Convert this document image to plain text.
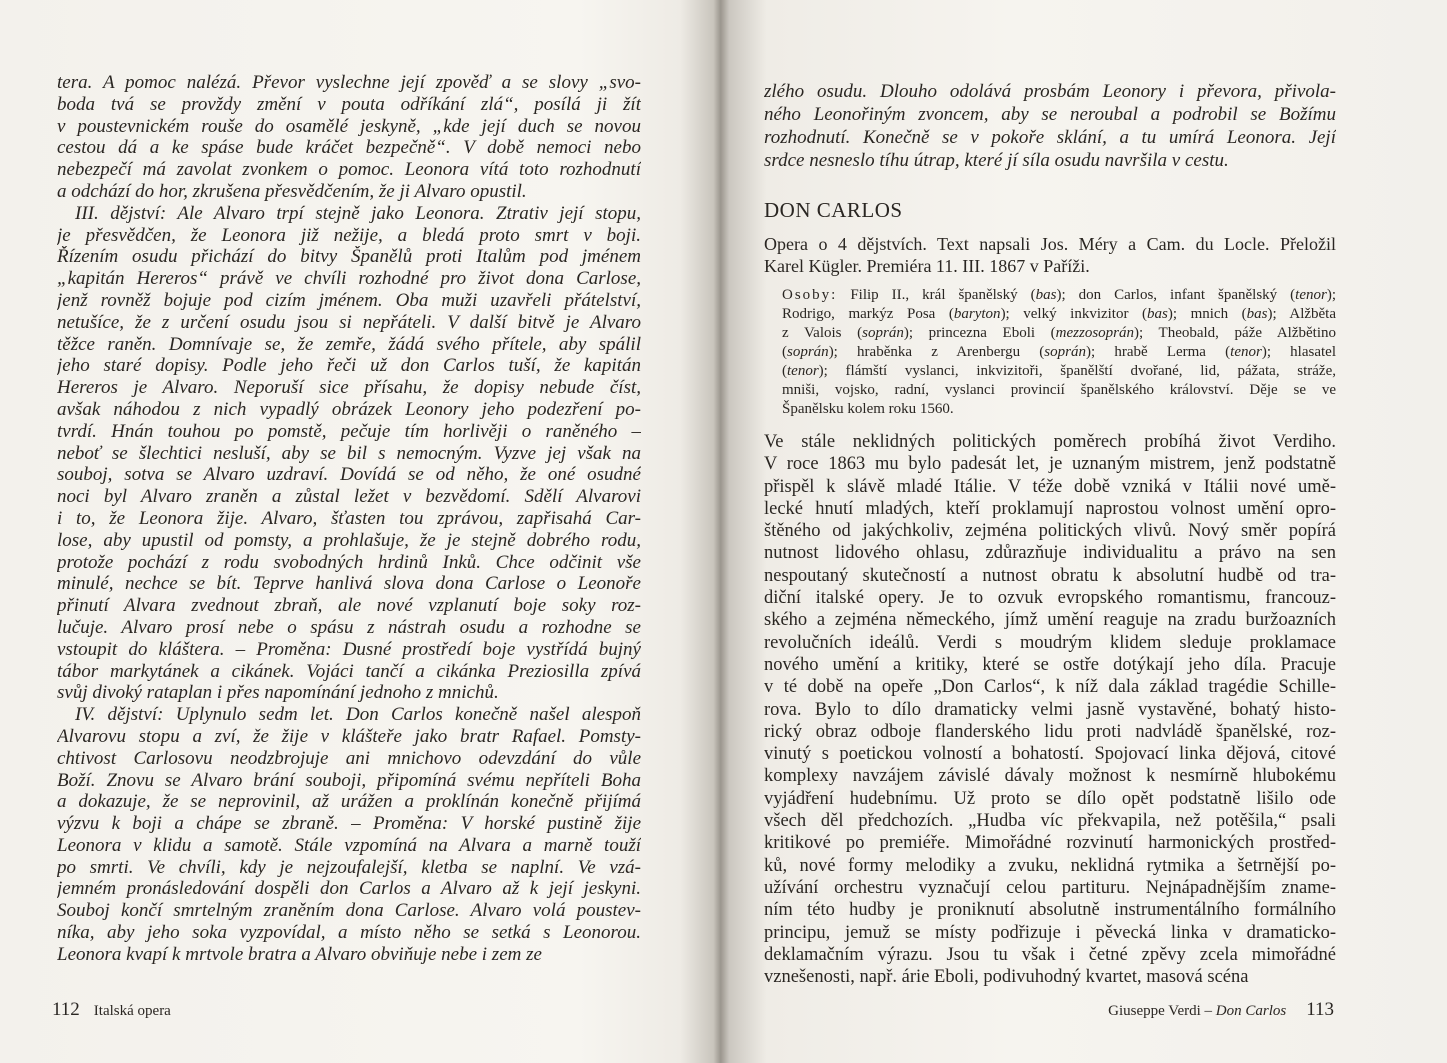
tera. A pomoc nalézá. Převor vyslechne její zpověď a se slovy „svo-
boda tvá se provždy změní v pouta odříkání zlá“, posílá ji žít
v poustevnickém rouše do osamělé jeskyně, „kde její duch se novou
cestou dá a ke spáse bude kráčet bezpečně“. V době nemoci nebo
nebezpečí má zavolat zvonkem o pomoc. Leonora vítá toto rozhodnutí
a odchází do hor, zkrušena přesvědčením, že ji Alvaro opustil.
III. dějství: Ale Alvaro trpí stejně jako Leonora. Ztrativ její stopu,
je přesvědčen, že Leonora již nežije, a bledá proto smrt v boji.
Řízením osudu přichází do bitvy Španělů proti Italům pod jménem
„kapitán Hereros“ právě ve chvíli rozhodné pro život dona Carlose,
jenž rovněž bojuje pod cizím jménem. Oba muži uzavřeli přátelství,
netušíce, že z určení osudu jsou si nepřáteli. V další bitvě je Alvaro
těžce raněn. Domnívaje se, že zemře, žádá svého přítele, aby spálil
jeho staré dopisy. Podle jeho řeči už don Carlos tuší, že kapitán
Hereros je Alvaro. Neporuší sice přísahu, že dopisy nebude číst,
avšak náhodou z nich vypadlý obrázek Leonory jeho podezření po-
tvrdí. Hnán touhou po pomstě, pečuje tím horlivěji o raněného –
neboť se šlechtici nesluší, aby se bil s nemocným. Vyzve jej však na
souboj, sotva se Alvaro uzdraví. Dovídá se od něho, že oné osudné
noci byl Alvaro zraněn a zůstal ležet v bezvědomí. Sdělí Alvarovi
i to, že Leonora žije. Alvaro, šťasten tou zprávou, zapřisahá Car-
lose, aby upustil od pomsty, a prohlašuje, že je stejně dobrého rodu,
protože pochází z rodu svobodných hrdinů Inků. Chce odčinit vše
minulé, nechce se bít. Teprve hanlivá slova dona Carlose o Leonoře
přinutí Alvara zvednout zbraň, ale nové vzplanutí boje soky roz-
lučuje. Alvaro prosí nebe o spásu z nástrah osudu a rozhodne se
vstoupit do kláštera. – Proměna: Dusné prostředí boje vystřídá bujný
tábor markytánek a cikánek. Vojáci tančí a cikánka Preziosilla zpívá
svůj divoký rataplan i přes napomínání jednoho z mnichů.
IV. dějství: Uplynulo sedm let. Don Carlos konečně našel alespoň
Alvarovu stopu a zví, že žije v klášteře jako bratr Rafael. Pomsty-
chtivost Carlosovu neodzbrojuje ani mnichovo odevzdání do vůle
Boží. Znovu se Alvaro brání souboji, připomíná svému nepříteli Boha
a dokazuje, že se neprovinil, až urážen a proklínán konečně přijímá
výzvu k boji a chápe se zbraně. – Proměna: V horské pustině žije
Leonora v klidu a samotě. Stále vzpomíná na Alvara a marně touží
po smrti. Ve chvíli, kdy je nejzoufalejší, kletba se naplní. Ve vzá-
jemném pronásledování dospěli don Carlos a Alvaro až k její jeskyni.
Souboj končí smrtelným zraněním dona Carlose. Alvaro volá poustev-
níka, aby jeho soka vyzpovídal, a místo něho se setká s Leonorou.
Leonora kvapí k mrtvole bratra a Alvaro obviňuje nebe i zem ze
112 Italská opera
zlého osudu. Dlouho odolává prosbám Leonory i převora, přivola-
ného Leonořiným zvoncem, aby se neroubal a podrobil se Božímu
rozhodnutí. Konečně se v pokoře sklání, a tu umírá Leonora. Její
srdce nesneslo tíhu útrap, které jí síla osudu navršila v cestu.
DON CARLOS
Opera o 4 dějstvích. Text napsali Jos. Méry a Cam. du Locle. Přeložil
Karel Kügler. Premiéra 11. III. 1867 v Paříži.
Osoby: Filip II., král španělský (bas); don Carlos, infant španělský (tenor);
Rodrigo, markýz Posa (baryton); velký inkvizitor (bas); mnich (bas); Alžběta
z Valois (soprán); princezna Eboli (mezzosoprán); Theobald, páže Alžbětino
(soprán); hraběnka z Arenbergu (soprán); hrabě Lerma (tenor); hlasatel
(tenor); flámští vyslanci, inkvizitoři, španělští dvořané, lid, pážata, stráže,
mniši, vojsko, radní, vyslanci provincií španělského království. Děje se ve
Španělsku kolem roku 1560.
Ve stále neklidných politických poměrech probíhá život Verdiho.
V roce 1863 mu bylo padesát let, je uznaným mistrem, jenž podstatně
přispěl k slávě mladé Itálie. V téže době vzniká v Itálii nové umě-
lecké hnutí mladých, kteří proklamují naprostou volnost umění opro-
štěného od jakýchkoliv, zejména politických vlivů. Nový směr popírá
nutnost lidového ohlasu, zdůrazňuje individualitu a právo na sen
nespoutaný skutečností a nutnost obratu k absolutní hudbě od tra-
diční italské opery. Je to ozvuk evropského romantismu, francouz-
ského a zejména německého, jímž umění reaguje na zradu buržoazních
revolučních ideálů. Verdi s moudrým klidem sleduje proklamace
nového umění a kritiky, které se ostře dotýkají jeho díla. Pracuje
v té době na opeře „Don Carlos“, k níž dala základ tragédie Schille-
rova. Bylo to dílo dramaticky velmi jasně vystavěné, bohatý histo-
rický obraz odboje flanderského lidu proti nadvládě španělské, roz-
vinutý s poetickou volností a bohatostí. Spojovací linka dějová, citové
komplexy navzájem závislé dávaly možnost k nesmírně hlubokému
vyjádření hudebnímu. Už proto se dílo opět podstatně lišilo ode
všech děl předchozích. „Hudba víc překvapila, než potěšila,“ psali
kritikové po premiéře. Mimořádné rozvinutí harmonických prostřed-
ků, nové formy melodiky a zvuku, neklidná rytmika a šetrnější po-
užívání orchestru vyznačují celou partituru. Nejnápadnějším zname-
ním této hudby je proniknutí absolutně instrumentálního formálního
principu, jemuž se místy podřizuje i pěvecká linka v dramaticko-
deklamačním výrazu. Jsou tu však i četné zpěvy zcela mimořádné
vznešenosti, např. árie Eboli, podivuhodný kvartet, masová scéna
Giuseppe Verdi – Don Carlos 113
